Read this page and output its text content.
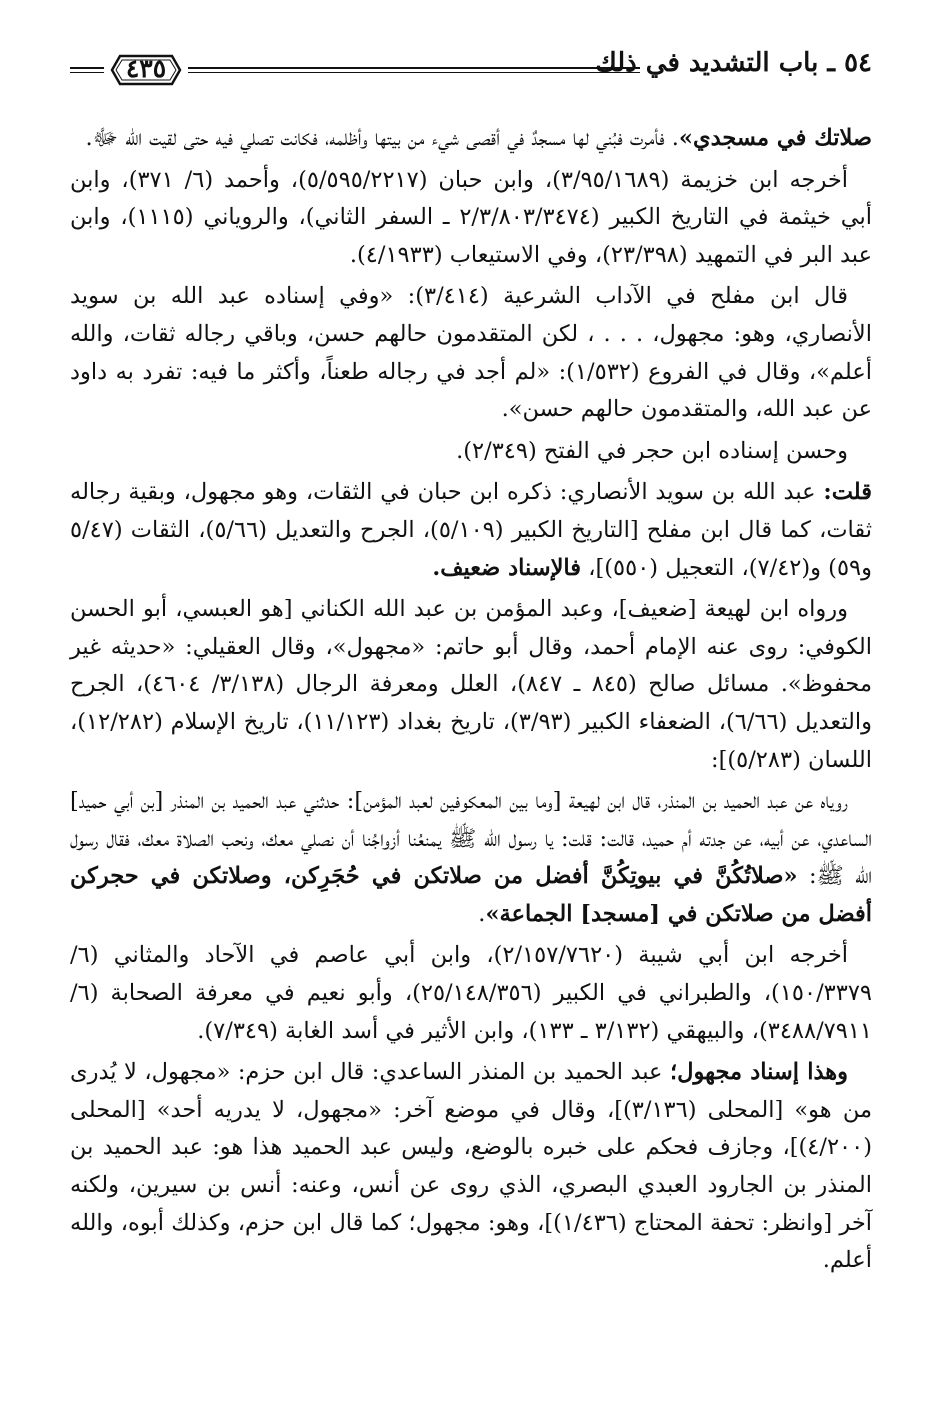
٥٤ ـ باب التشديد في ذلك
٤٣٥

صلاتك في مسجدي». فأمرت فبُني لها مسجدٌ في أقصى شيء من بيتها وأظلمه، فكانت تصلي فيه حتى لقيت الله ﷻ.

أخرجه ابن خزيمة (٣/٩٥/١٦٨٩)، وابن حبان (٥/٥٩٥/٢٢١٧)، وأحمد (٦/ ٣٧١)، وابن أبي خيثمة في التاريخ الكبير (٢/٣/٨٠٣/٣٤٧٤ ـ السفر الثاني)، والروياني (١١١٥)، وابن عبد البر في التمهيد (٢٣/٣٩٨)، وفي الاستيعاب (٤/١٩٣٣).

قال ابن مفلح في الآداب الشرعية (٣/٤١٤): «وفي إسناده عبد الله بن سويد الأنصاري، وهو: مجهول، . . . ، لكن المتقدمون حالهم حسن، وباقي رجاله ثقات، والله أعلم»، وقال في الفروع (١/٥٣٢): «لم أجد في رجاله طعناً، وأكثر ما فيه: تفرد به داود عن عبد الله، والمتقدمون حالهم حسن».

وحسن إسناده ابن حجر في الفتح (٢/٣٤٩).

قلت: عبد الله بن سويد الأنصاري: ذكره ابن حبان في الثقات، وهو مجهول، وبقية رجاله ثقات، كما قال ابن مفلح [التاريخ الكبير (٥/١٠٩)، الجرح والتعديل (٥/٦٦)، الثقات (٥/٤٧ و٥٩) و(٧/٤٢)، التعجيل (٥٥٠)]، فالإسناد ضعيف.

ورواه ابن لهيعة [ضعيف]، وعبد المؤمن بن عبد الله الكناني [هو العبسي، أبو الحسن الكوفي: روى عنه الإمام أحمد، وقال أبو حاتم: «مجهول»، وقال العقيلي: «حديثه غير محفوظ». مسائل صالح (٨٤٥ ـ ٨٤٧)، العلل ومعرفة الرجال (٣/١٣٨/ ٤٦٠٤)، الجرح والتعديل (٦/٦٦)، الضعفاء الكبير (٣/٩٣)، تاريخ بغداد (١١/١٢٣)، تاريخ الإسلام (١٢/٢٨٢)، اللسان (٥/٢٨٣)]:

روياه عن عبد الحميد بن المنذر، قال ابن لهيعة [وما بين المعكوفين لعبد المؤمن]: حدثني عبد الحميد بن المنذر [بن أبي حميد] الساعدي، عن أبيه، عن جدته أم حميد، قالت: قلت: يا رسول الله ﷺ يمنعُنا أزواجُنا أن نصلي معك، ونحب الصلاة معك، فقال رسول الله ﷺ: «صلاتُكُنَّ في بيوتِكُنَّ أفضل من صلاتكن في حُجَرِكن، وصلاتكن في حجركن أفضل من صلاتكن في [مسجد] الجماعة».

أخرجه ابن أبي شيبة (٢/١٥٧/٧٦٢٠)، وابن أبي عاصم في الآحاد والمثاني (٦/ ١٥٠/٣٣٧٩)، والطبراني في الكبير (٢٥/١٤٨/٣٥٦)، وأبو نعيم في معرفة الصحابة (٦/ ٣٤٨٨/٧٩١١)، والبيهقي (٣/١٣٢ ـ ١٣٣)، وابن الأثير في أسد الغابة (٧/٣٤٩).

وهذا إسناد مجهول؛ عبد الحميد بن المنذر الساعدي: قال ابن حزم: «مجهول، لا يُدرى من هو» [المحلى (٣/١٣٦)]، وقال في موضع آخر: «مجهول، لا يدريه أحد» [المحلى (٤/٢٠٠)]، وجازف فحكم على خبره بالوضع، وليس عبد الحميد هذا هو: عبد الحميد بن المنذر بن الجارود العبدي البصري، الذي روى عن أنس، وعنه: أنس بن سيرين، ولكنه آخر [وانظر: تحفة المحتاج (١/٤٣٦)]، وهو: مجهول؛ كما قال ابن حزم، وكذلك أبوه، والله أعلم.
